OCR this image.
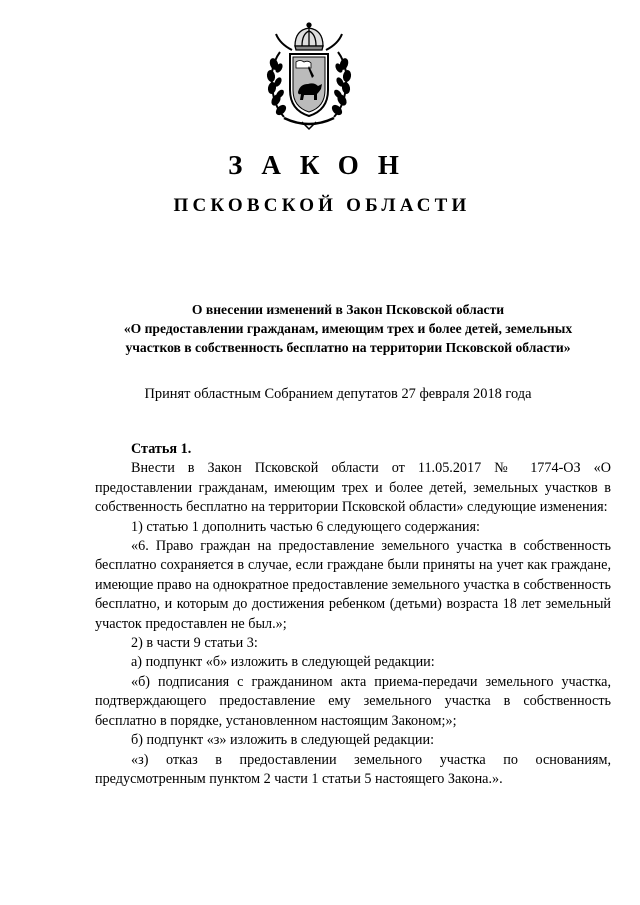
ЗАКОН
ПСКОВСКОЙ ОБЛАСТИ
О внесении изменений в Закон Псковской области
«О предоставлении гражданам, имеющим трех и более детей, земельных
участков в собственность бесплатно на территории Псковской области»
Принят областным Собранием депутатов 27 февраля 2018 года
Статья 1.

Внести в Закон Псковской области от 11.05.2017 № 1774-ОЗ «О предоставлении гражданам, имеющим трех и более детей, земельных участков в собственность бесплатно на территории Псковской области» следующие изменения:

1) статью 1 дополнить частью 6 следующего содержания:

«6. Право граждан на предоставление земельного участка в собственность бесплатно сохраняется в случае, если граждане были приняты на учет как граждане, имеющие право на однократное предоставление земельного участка в собственность бесплатно, и которым до достижения ребенком (детьми) возраста 18 лет земельный участок предоставлен не был.»;

2) в части 9 статьи 3:

а) подпункт «б» изложить в следующей редакции:

«б) подписания с гражданином акта приема-передачи земельного участка, подтверждающего предоставление ему земельного участка в собственность бесплатно в порядке, установленном настоящим Законом;»;

б) подпункт «з» изложить в следующей редакции:

«з) отказ в предоставлении земельного участка по основаниям, предусмотренным пунктом 2 части 1 статьи 5 настоящего Закона.».
